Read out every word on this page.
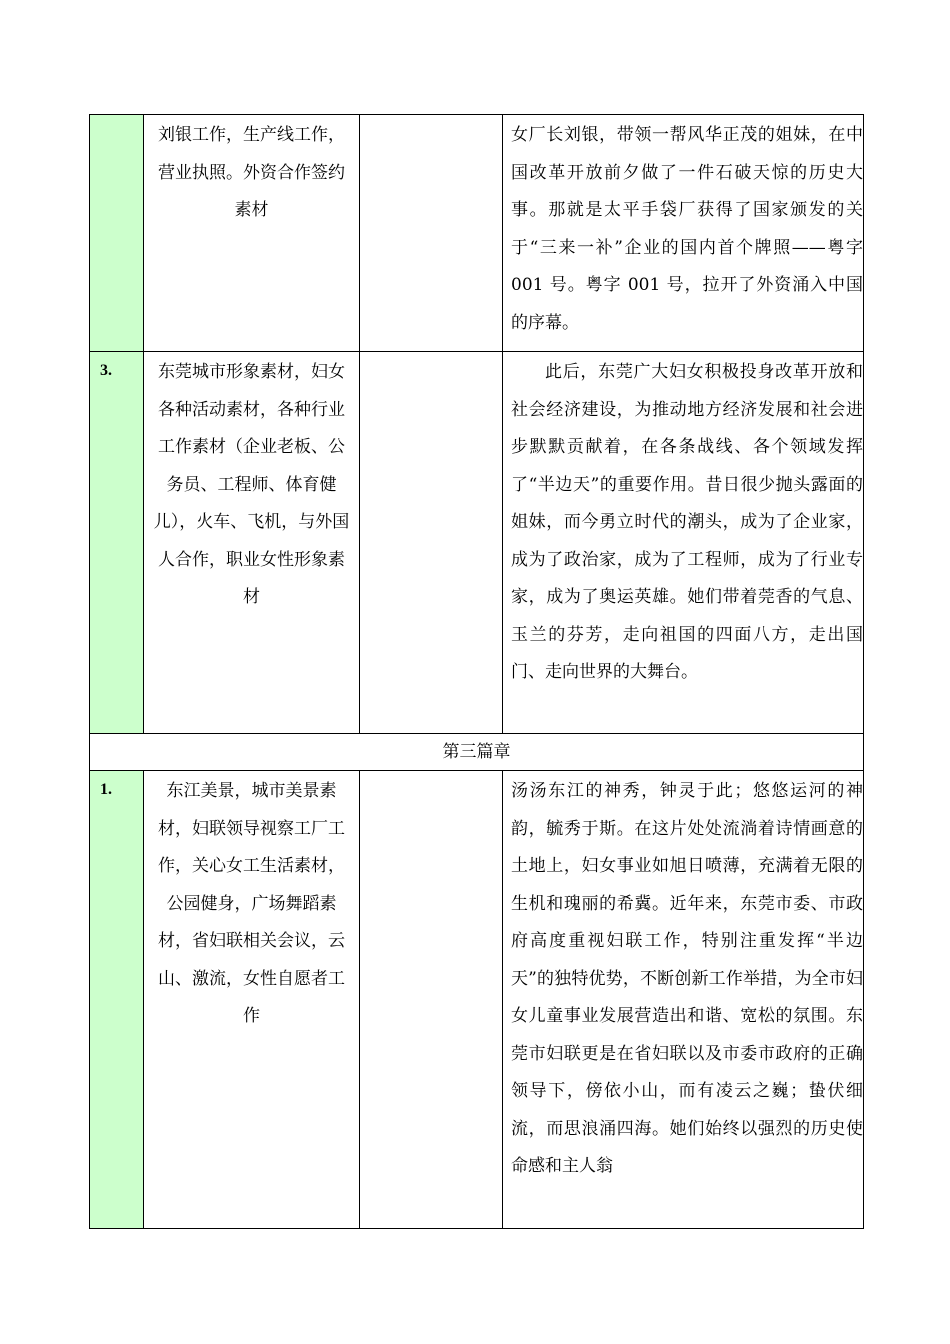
	刘银工作，生产线工作，营业执照。外资合作签约素材		女厂长刘银，带领一帮风华正茂的姐妹，在中国改革开放前夕做了一件石破天惊的历史大事。那就是太平手袋厂获得了国家颁发的关于“三来一补”企业的国内首个牌照——粤字 001 号。粤字 001 号，拉开了外资涌入中国的序幕。
3.	东莞城市形象素材，妇女各种活动素材，各种行业工作素材（企业老板、公务员、工程师、体育健儿），火车、飞机，与外国人合作，职业女性形象素材		此后，东莞广大妇女积极投身改革开放和社会经济建设，为推动地方经济发展和社会进步默默贡献着，在各条战线、各个领域发挥了“半边天”的重要作用。昔日很少抛头露面的姐妹，而今勇立时代的潮头，成为了企业家，成为了政治家，成为了工程师，成为了行业专家，成为了奥运英雄。她们带着莞香的气息、玉兰的芬芳，走向祖国的四面八方，走出国门、走向世界的大舞台。

第三篇章			
1.	东江美景，城市美景素材，妇联领导视察工厂工作，关心女工生活素材，公园健身，广场舞蹈素材，省妇联相关会议，云山、激流，女性自愿者工作		汤汤东江的神秀，钟灵于此；悠悠运河的神韵，毓秀于斯。在这片处处流淌着诗情画意的土地上，妇女事业如旭日喷薄，充满着无限的生机和瑰丽的希冀。近年来，东莞市委、市政府高度重视妇联工作，特别注重发挥“半边天”的独特优势，不断创新工作举措，为全市妇女儿童事业发展营造出和谐、宽松的氛围。东莞市妇联更是在省妇联以及市委市政府的正确领导下，傍依小山，而有凌云之巍；蛰伏细流，而思浪涌四海。她们始终以强烈的历史使命感和主人翁
